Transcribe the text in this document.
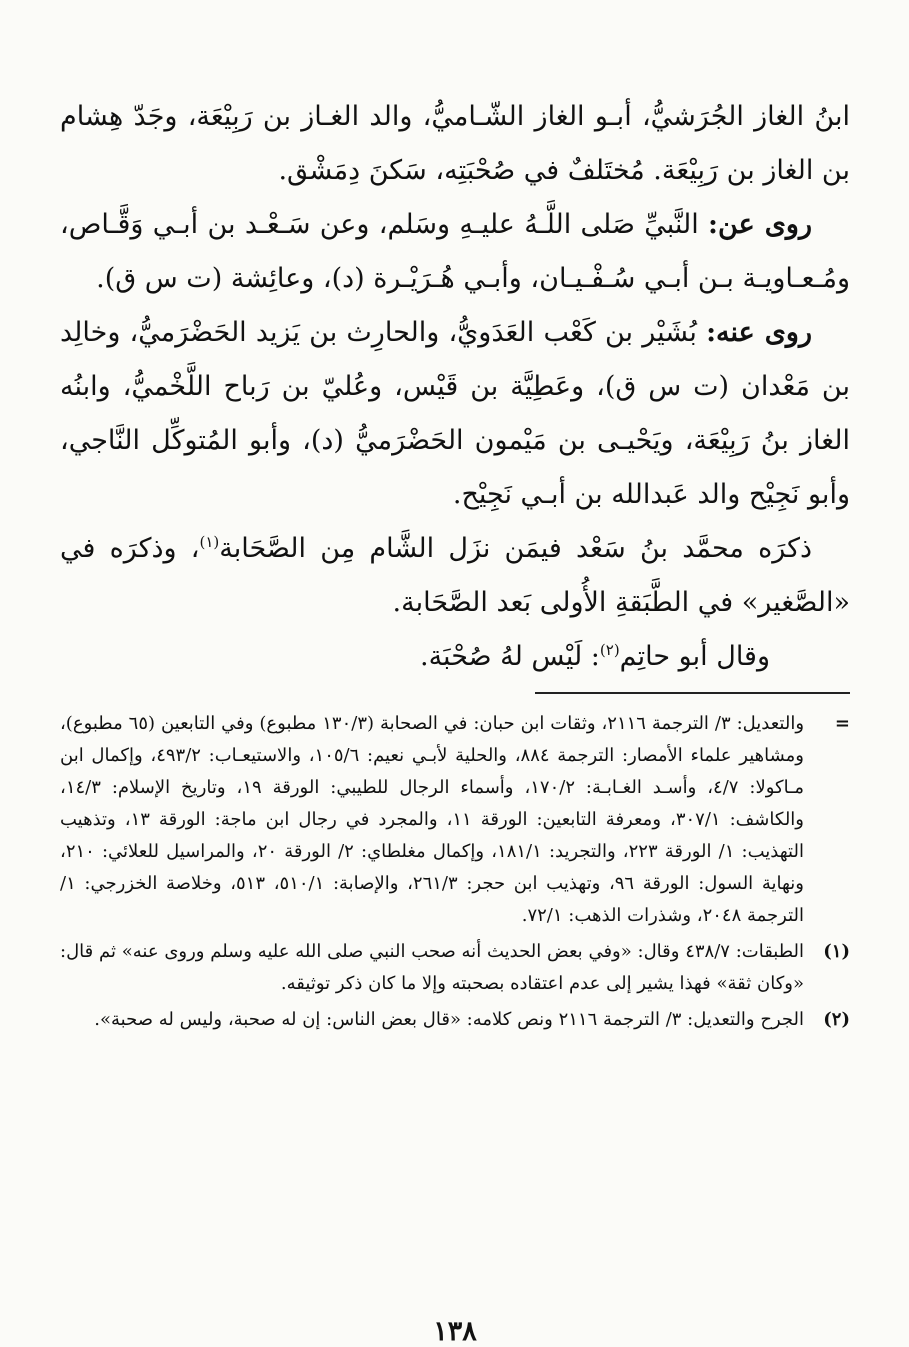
ابنُ الغاز الجُرَشيُّ، أبـو الغاز الشّـاميُّ، والد الغـاز بن رَبِيْعَة، وجَدّ هِشام بن الغاز بن رَبِيْعَة. مُختَلفٌ في صُحْبَتِه، سَكنَ دِمَشْق.

روى عن: النَّبيِّ صَلى اللَّـهُ عليـهِ وسَلم، وعن سَـعْـد بن أبـي وَقَّـاص، ومُـعـاويـة بـن أبـي سُـفْـيـان، وأبـي هُـرَيْـرة (د)، وعائِشة (ت س ق).

روى عنه: بُشَيْر بن كَعْب العَدَويُّ، والحارِث بن يَزيد الحَضْرَميُّ، وخالِد بن مَعْدان (ت س ق)، وعَطِيَّة بن قَيْس، وعُليّ بن رَباح اللَّخْميُّ، وابنُه الغاز بنُ رَبِيْعَة، ويَحْيـى بن مَيْمون الحَضْرَميُّ (د)، وأبو المُتوكِّل النَّاجي، وأبو نَجِيْح والد عَبدالله بن أبـي نَجِيْح.

ذكرَه محمَّد بنُ سَعْد فيمَن نزَل الشَّام مِن الصَّحَابة$^{(١)}$، وذكرَه في «الصَّغير» في الطَّبَقةِ الأُولى بَعد الصَّحَابة.

وقال أبو حاتِم$^{(٢)}$: لَيْس لهُ صُحْبَة.

=

والتعديل: ٣/ الترجمة ٢١١٦، وثقات ابن حبان: في الصحابة (١٣٠/٣ مطبوع) وفي التابعين (٦٥ مطبوع)، ومشاهير علماء الأمصار: الترجمة ٨٨٤، والحلية لأبـي نعيم: ١٠٥/٦، والاستيعـاب: ٤٩٣/٢، وإكمال ابن مـاكولا: ٤/٧، وأسـد الغـابـة: ١٧٠/٢، وأسماء الرجال للطيبي: الورقة ١٩، وتاريخ الإسلام: ١٤/٣، والكاشف: ٣٠٧/١، ومعرفة التابعين: الورقة ١١، والمجرد في رجال ابن ماجة: الورقة ١٣، وتذهيب التهذيب: ١/ الورقة ٢٢٣، والتجريد: ١٨١/١، وإكمال مغلطاي: ٢/ الورقة ٢٠، والمراسيل للعلائي: ٢١٠، ونهاية السول: الورقة ٩٦، وتهذيب ابن حجر: ٢٦١/٣، والإصابة: ٥١٠/١، ٥١٣، وخلاصة الخزرجي: ١/ الترجمة ٢٠٤٨، وشذرات الذهب: ٧٢/١.

(١)

الطبقات: ٤٣٨/٧ وقال: «وفي بعض الحديث أنه صحب النبي صلى الله عليه وسلم وروى عنه» ثم قال: «وكان ثقة» فهذا يشير إلى عدم اعتقاده بصحبته وإلا ما كان ذكر توثيقه.

(٢)

الجرح والتعديل: ٣/ الترجمة ٢١١٦ ونص كلامه: «قال بعض الناس: إن له صحبة، وليس له صحبة».

١٣٨
